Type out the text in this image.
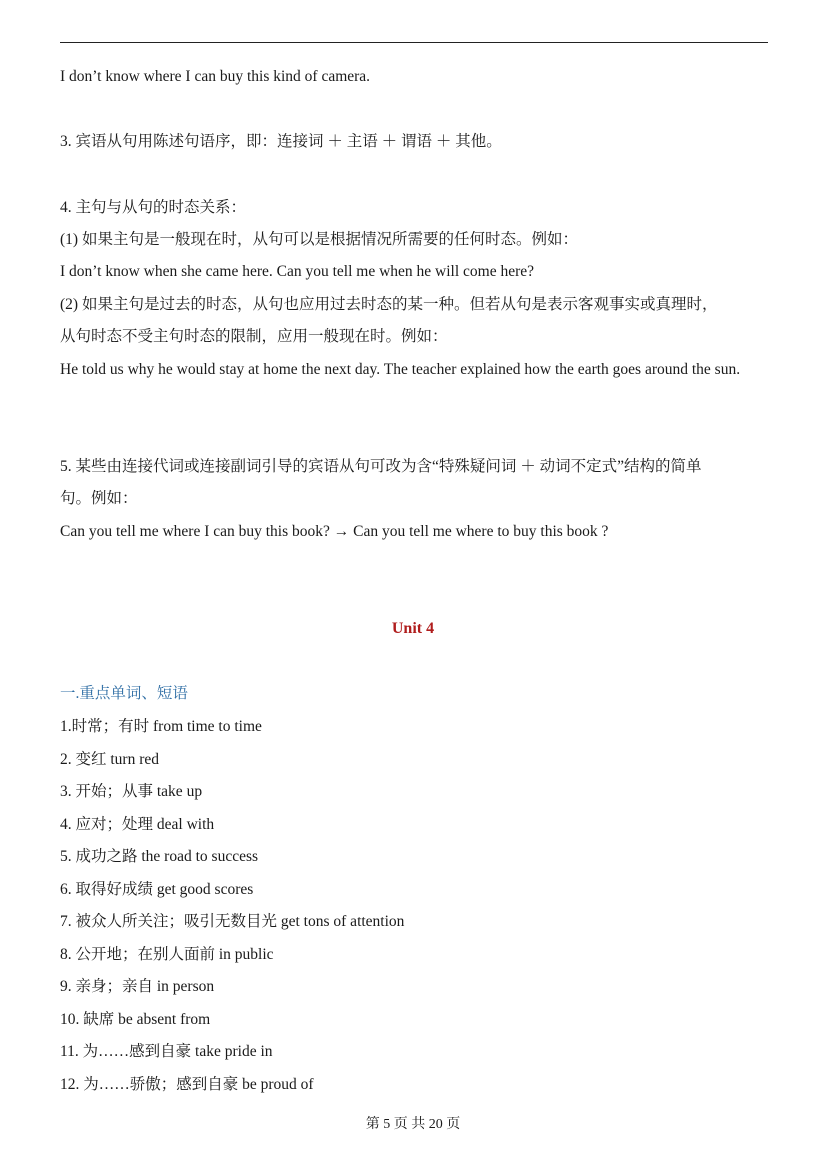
I don’t know where I can buy this kind of camera.
3. 宾语从句用陈述句语序，即：连接词 ＋ 主语 ＋ 谓语 ＋ 其他。
4. 主句与从句的时态关系：
(1) 如果主句是一般现在时，从句可以是根据情况所需要的任何时态。例如：
I don’t know when she came here. Can you tell me when he will come here?
(2) 如果主句是过去的时态，从句也应用过去时态的某一种。但若从句是表示客观事实或真理时，
从句时态不受主句时态的限制，应用一般现在时。例如：
He told us why he would stay at home the next day. The teacher explained how the earth goes around the sun.
5. 某些由连接代词或连接副词引导的宾语从句可改为含“特殊疑问词 ＋ 动词不定式”结构的简单
句。例如：
Can you tell me where I can buy this book? → Can you tell me where to buy this book ?
Unit 4
一.重点单词、短语
1.时常；有时 from time to time
2. 变红 turn red
3. 开始；从事 take up
4. 应对；处理 deal with
5. 成功之路 the road to success
6. 取得好成绩 get good scores
7. 被众人所关注；吸引无数目光 get tons of attention
8. 公开地；在别人面前 in public
9. 亲身；亲自 in person
10. 缺席 be absent from
11. 为……感到自豪 take pride in
12. 为……骄傲；感到自豪 be proud of
第 5 页 共 20 页
